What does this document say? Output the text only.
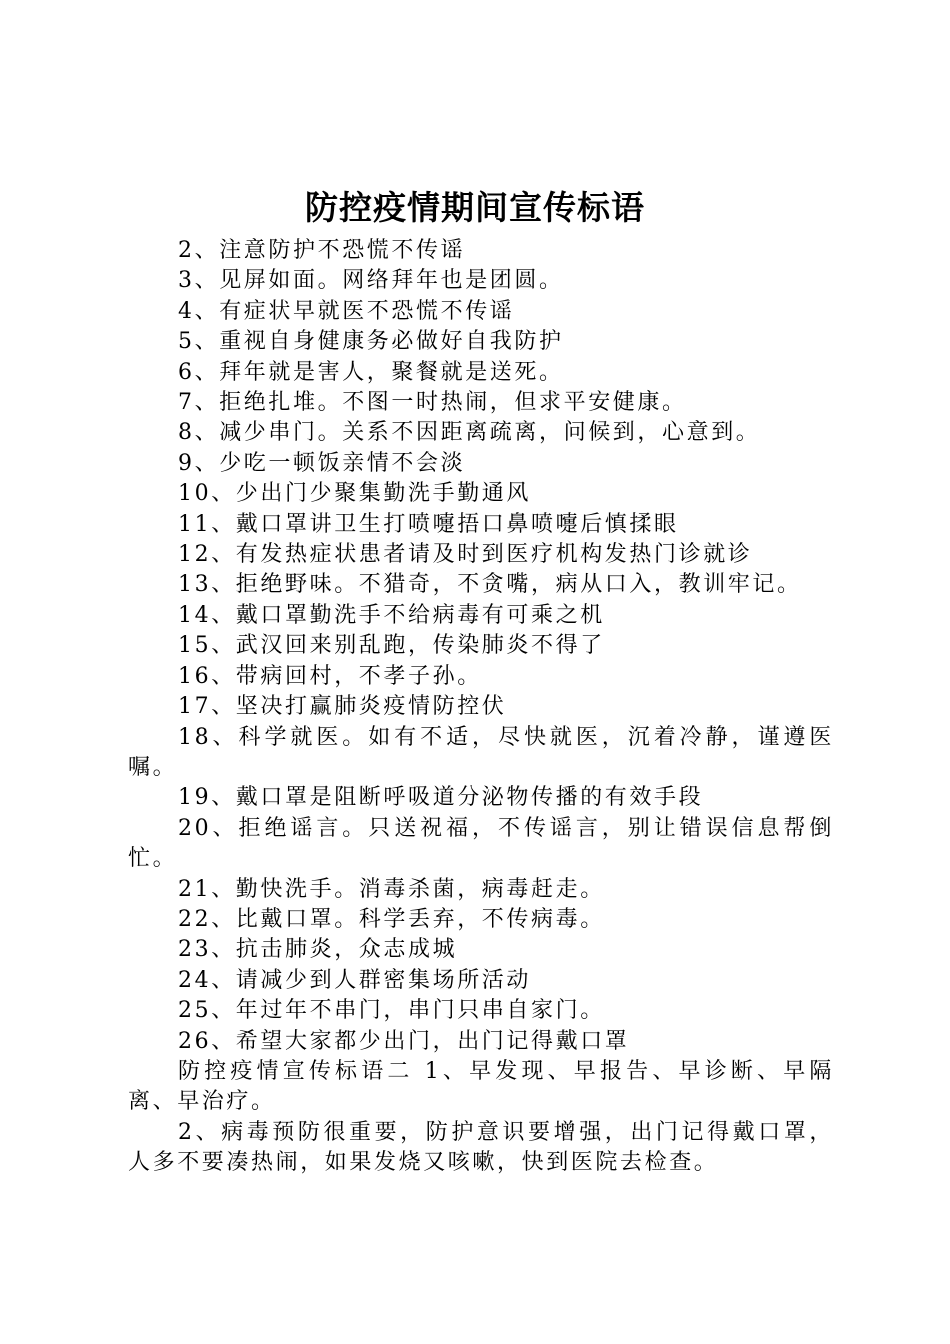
防控疫情期间宣传标语

2、注意防护不恐慌不传谣

3、见屏如面。网络拜年也是团圆。

4、有症状早就医不恐慌不传谣

5、重视自身健康务必做好自我防护

6、拜年就是害人，聚餐就是送死。

7、拒绝扎堆。不图一时热闹，但求平安健康。

8、减少串门。关系不因距离疏离，问候到，心意到。

9、少吃一顿饭亲情不会淡

10、少出门少聚集勤洗手勤通风

11、戴口罩讲卫生打喷嚏捂口鼻喷嚏后慎揉眼

12、有发热症状患者请及时到医疗机构发热门诊就诊

13、拒绝野味。不猎奇，不贪嘴，病从口入，教训牢记。

14、戴口罩勤洗手不给病毒有可乘之机

15、武汉回来别乱跑，传染肺炎不得了

16、带病回村，不孝子孙。

17、坚决打赢肺炎疫情防控伏

18、科学就医。如有不适，尽快就医，沉着冷静，谨遵医嘱。

19、戴口罩是阻断呼吸道分泌物传播的有效手段

20、拒绝谣言。只送祝福，不传谣言，别让错误信息帮倒忙。

21、勤快洗手。消毒杀菌，病毒赶走。

22、比戴口罩。科学丢弃，不传病毒。

23、抗击肺炎，众志成城

24、请减少到人群密集场所活动

25、年过年不串门，串门只串自家门。

26、希望大家都少出门，出门记得戴口罩

防控疫情宣传标语二 1、早发现、早报告、早诊断、早隔离、早治疗。

2、病毒预防很重要，防护意识要增强，出门记得戴口罩，人多不要凑热闹，如果发烧又咳嗽，快到医院去检查。
